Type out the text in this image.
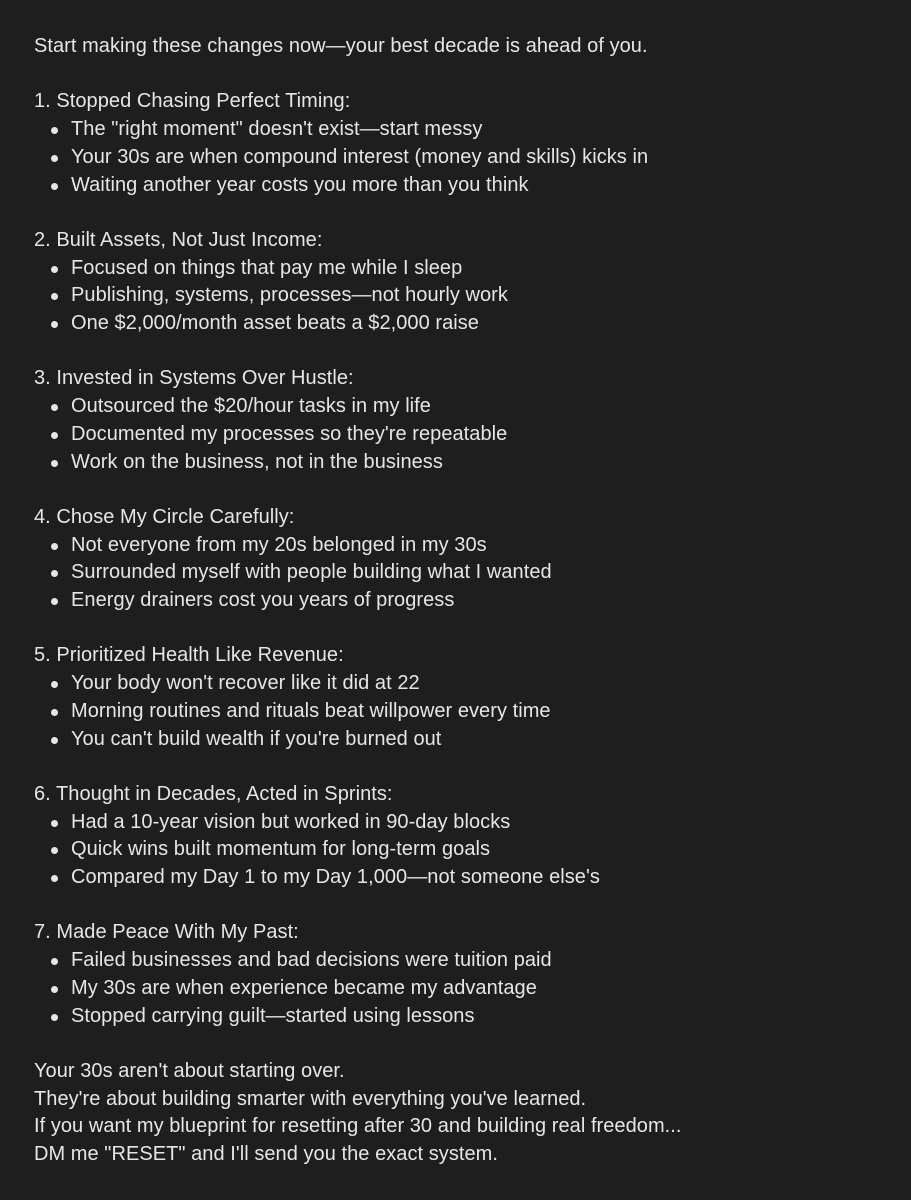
Start making these changes now—your best decade is ahead of you.

1. Stopped Chasing Perfect Timing:

The "right moment" doesn't exist—start messy
Your 30s are when compound interest (money and skills) kicks in
Waiting another year costs you more than you think

2. Built Assets, Not Just Income:

Focused on things that pay me while I sleep
Publishing, systems, processes—not hourly work
One $2,000/month asset beats a $2,000 raise

3. Invested in Systems Over Hustle:

Outsourced the $20/hour tasks in my life
Documented my processes so they're repeatable
Work on the business, not in the business

4. Chose My Circle Carefully:

Not everyone from my 20s belonged in my 30s
Surrounded myself with people building what I wanted
Energy drainers cost you years of progress

5. Prioritized Health Like Revenue:

Your body won't recover like it did at 22
Morning routines and rituals beat willpower every time
You can't build wealth if you're burned out

6. Thought in Decades, Acted in Sprints:

Had a 10-year vision but worked in 90-day blocks
Quick wins built momentum for long-term goals
Compared my Day 1 to my Day 1,000—not someone else's

7. Made Peace With My Past:

Failed businesses and bad decisions were tuition paid
My 30s are when experience became my advantage
Stopped carrying guilt—started using lessons

Your 30s aren't about starting over.

They're about building smarter with everything you've learned.

If you want my blueprint for resetting after 30 and building real freedom...

DM me "RESET" and I'll send you the exact system.
